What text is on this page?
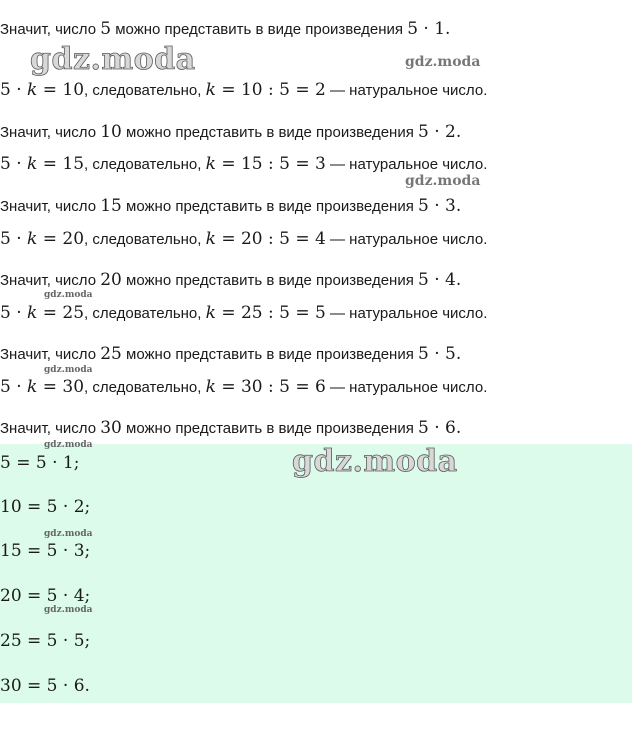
Значит, число 5 можно представить в виде произведения 5 · 1.
5 · k = 10, следовательно, k = 10 : 5 = 2 — натуральное число.
Значит, число 10 можно представить в виде произведения 5 · 2.
5 · k = 15, следовательно, k = 15 : 5 = 3 — натуральное число.
Значит, число 15 можно представить в виде произведения 5 · 3.
5 · k = 20, следовательно, k = 20 : 5 = 4 — натуральное число.
Значит, число 20 можно представить в виде произведения 5 · 4.
5 · k = 25, следовательно, k = 25 : 5 = 5 — натуральное число.
Значит, число 25 можно представить в виде произведения 5 · 5.
5 · k = 30, следовательно, k = 30 : 5 = 6 — натуральное число.
Значит, число 30 можно представить в виде произведения 5 · 6.
5 = 5 · 1;
10 = 5 · 2;
15 = 5 · 3;
20 = 5 · 4;
25 = 5 · 5;
30 = 5 · 6.
gdz.moda	gdz.moda
gdz.moda
gdz.moda
gdz.moda
gdz.moda	gdz.moda
gdz.moda
gdz.moda
